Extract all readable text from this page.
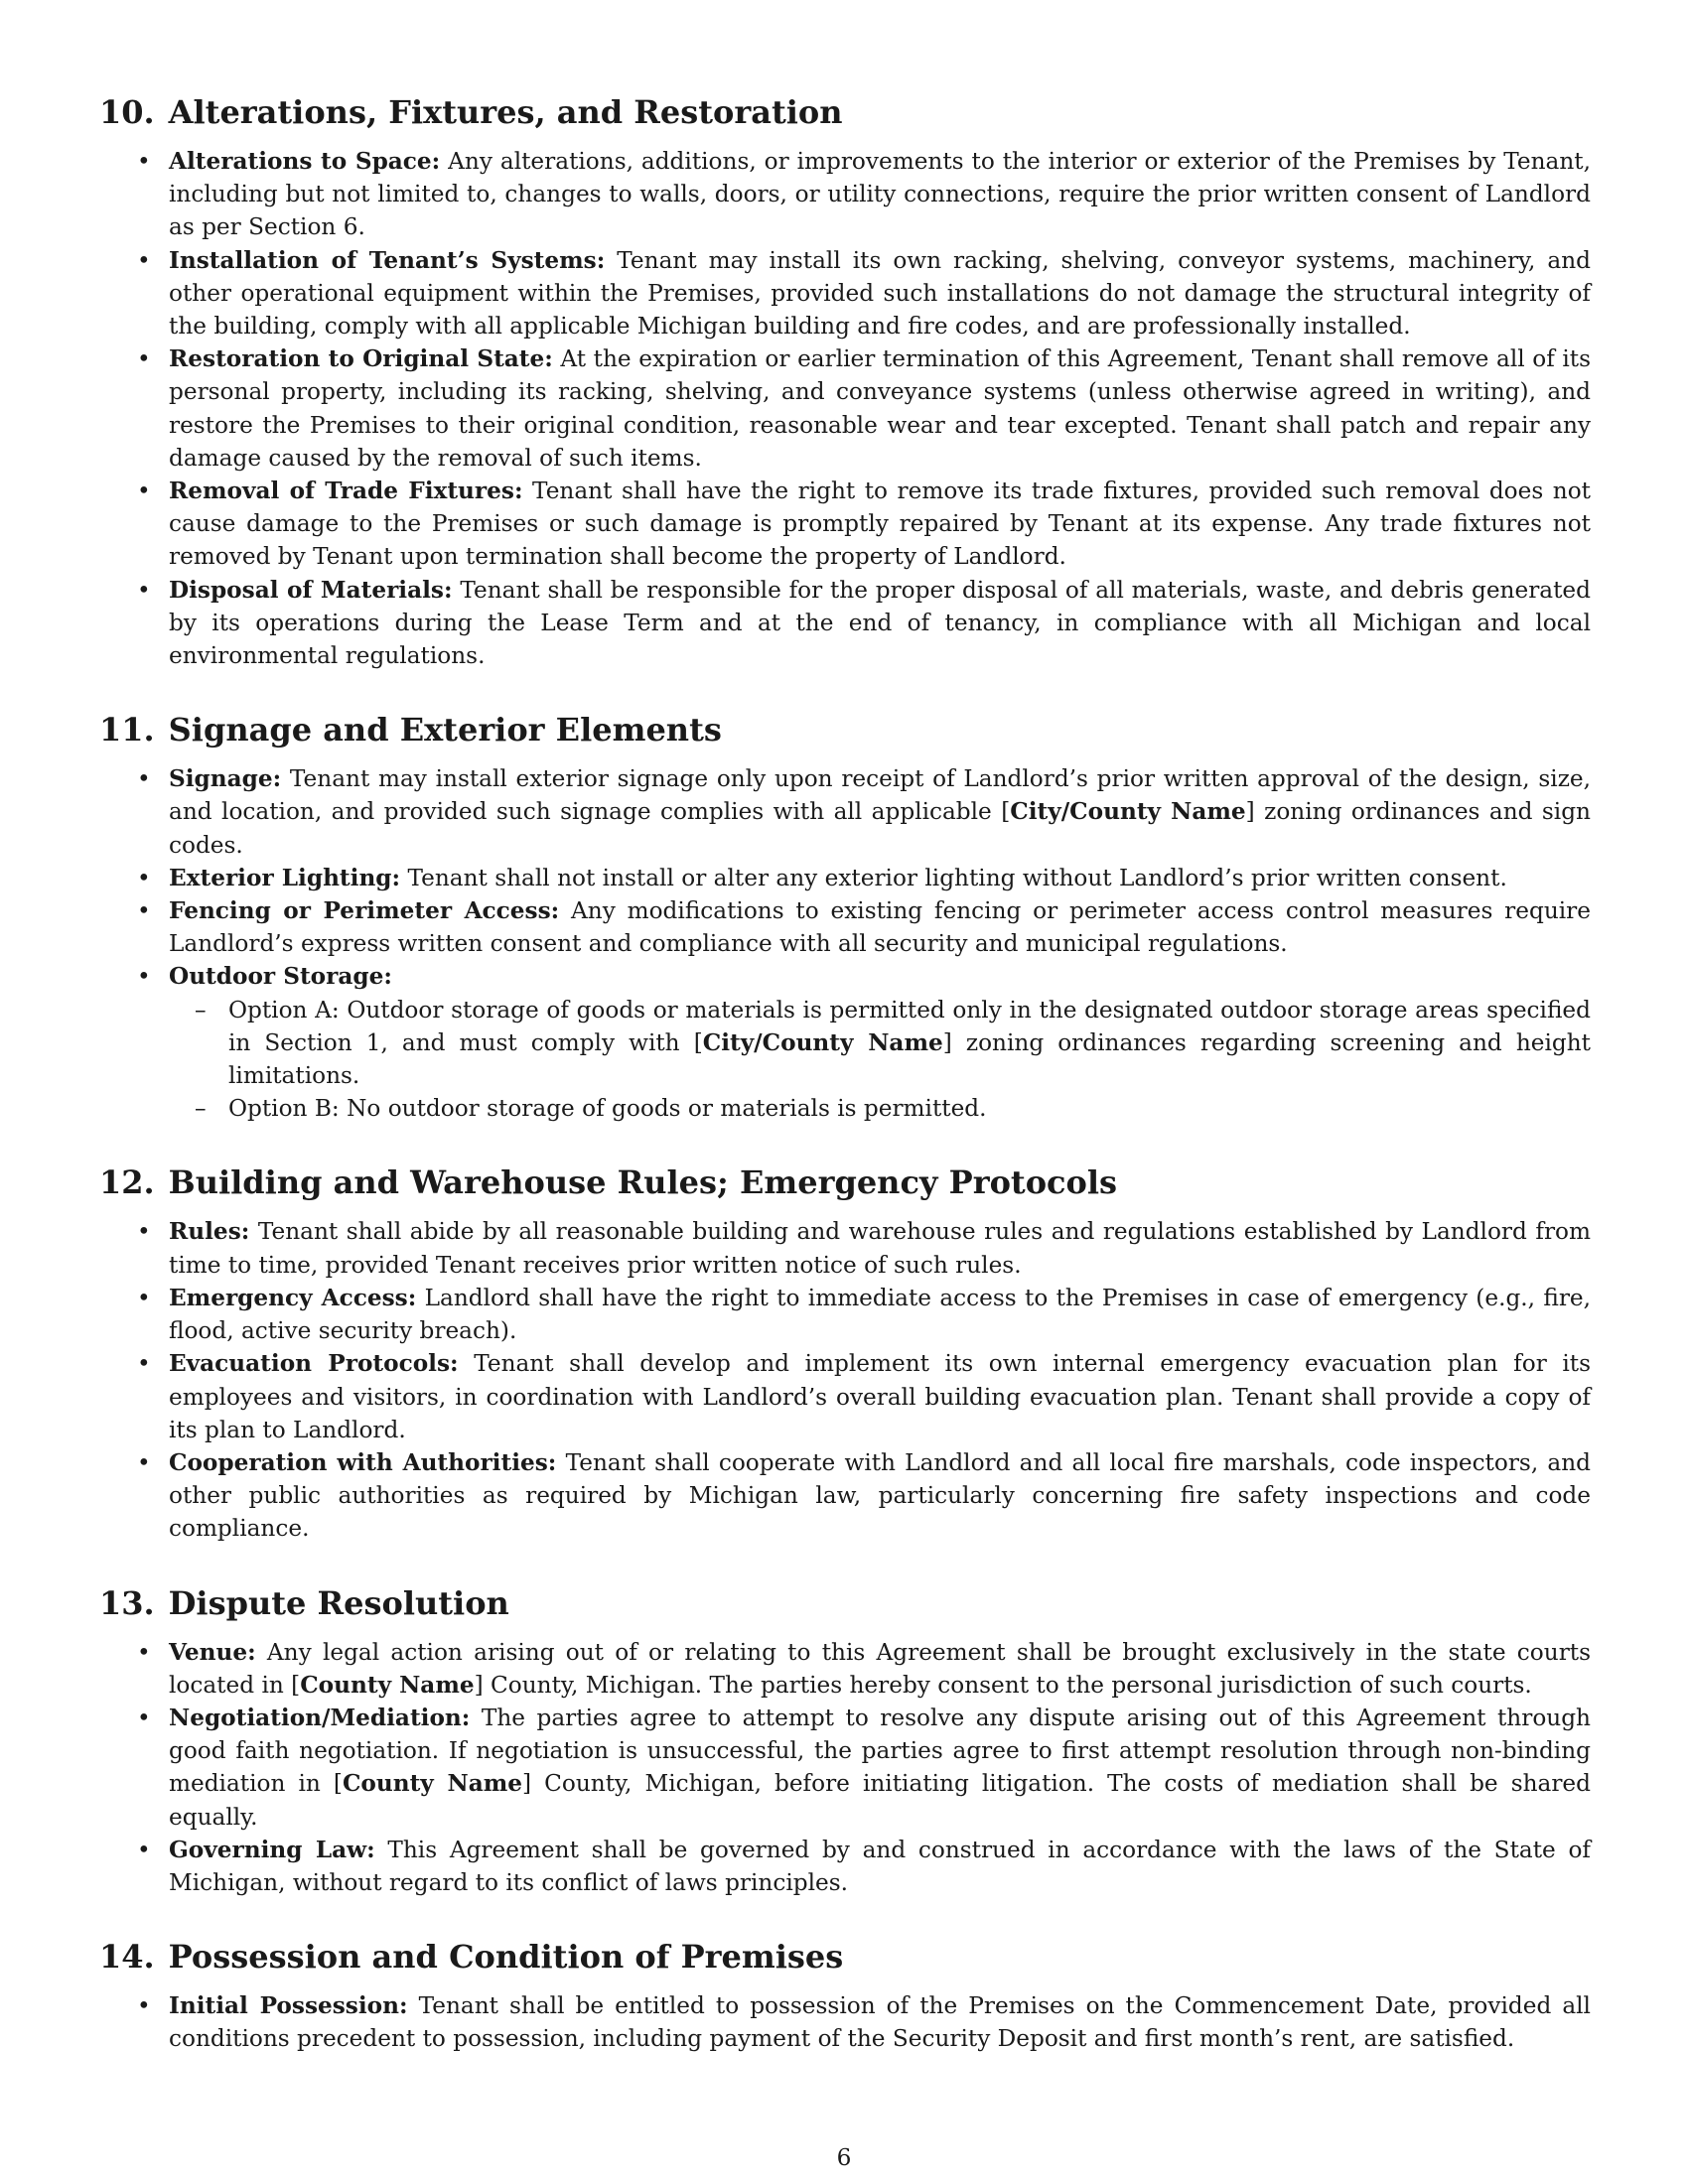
10. Alterations, Fixtures, and Restoration
• Alterations to Space: Any alterations, additions, or improvements to the interior or exterior of the Premises by Tenant, including but not limited to, changes to walls, doors, or utility connections, require the prior written consent of Landlord as per Section 6.
• Installation of Tenant’s Systems: Tenant may install its own racking, shelving, conveyor systems, machinery, and other operational equipment within the Premises, provided such installations do not damage the structural integrity of the building, comply with all applicable Michigan building and fire codes, and are professionally installed.
• Restoration to Original State: At the expiration or earlier termination of this Agreement, Tenant shall remove all of its personal property, including its racking, shelving, and conveyance systems (unless otherwise agreed in writing), and restore the Premises to their original condition, reasonable wear and tear excepted. Tenant shall patch and repair any damage caused by the removal of such items.
• Removal of Trade Fixtures: Tenant shall have the right to remove its trade fixtures, provided such removal does not cause damage to the Premises or such damage is promptly repaired by Tenant at its expense. Any trade fixtures not removed by Tenant upon termination shall become the property of Landlord.
• Disposal of Materials: Tenant shall be responsible for the proper disposal of all materials, waste, and debris generated by its operations during the Lease Term and at the end of tenancy, in compliance with all Michigan and local environmental regulations.
11. Signage and Exterior Elements
• Signage: Tenant may install exterior signage only upon receipt of Landlord’s prior written approval of the design, size, and location, and provided such signage complies with all applicable [City/County Name] zoning ordinances and sign codes.
• Exterior Lighting: Tenant shall not install or alter any exterior lighting without Landlord’s prior written consent.
• Fencing or Perimeter Access: Any modifications to existing fencing or perimeter access control measures require Landlord’s express written consent and compliance with all security and municipal regulations.
• Outdoor Storage:
– Option A: Outdoor storage of goods or materials is permitted only in the designated outdoor storage areas specified in Section 1, and must comply with [City/County Name] zoning ordinances regarding screening and height limitations.
– Option B: No outdoor storage of goods or materials is permitted.
12. Building and Warehouse Rules; Emergency Protocols
• Rules: Tenant shall abide by all reasonable building and warehouse rules and regulations established by Landlord from time to time, provided Tenant receives prior written notice of such rules.
• Emergency Access: Landlord shall have the right to immediate access to the Premises in case of emergency (e.g., fire, flood, active security breach).
• Evacuation Protocols: Tenant shall develop and implement its own internal emergency evacuation plan for its employees and visitors, in coordination with Landlord’s overall building evacuation plan. Tenant shall provide a copy of its plan to Landlord.
• Cooperation with Authorities: Tenant shall cooperate with Landlord and all local fire marshals, code inspectors, and other public authorities as required by Michigan law, particularly concerning fire safety inspections and code compliance.
13. Dispute Resolution
• Venue: Any legal action arising out of or relating to this Agreement shall be brought exclusively in the state courts located in [County Name] County, Michigan. The parties hereby consent to the personal jurisdiction of such courts.
• Negotiation/Mediation: The parties agree to attempt to resolve any dispute arising out of this Agreement through good faith negotiation. If negotiation is unsuccessful, the parties agree to first attempt resolution through non-binding mediation in [County Name] County, Michigan, before initiating litigation. The costs of mediation shall be shared equally.
• Governing Law: This Agreement shall be governed by and construed in accordance with the laws of the State of Michigan, without regard to its conflict of laws principles.
14. Possession and Condition of Premises
• Initial Possession: Tenant shall be entitled to possession of the Premises on the Commencement Date, provided all conditions precedent to possession, including payment of the Security Deposit and first month’s rent, are satisfied.
6
